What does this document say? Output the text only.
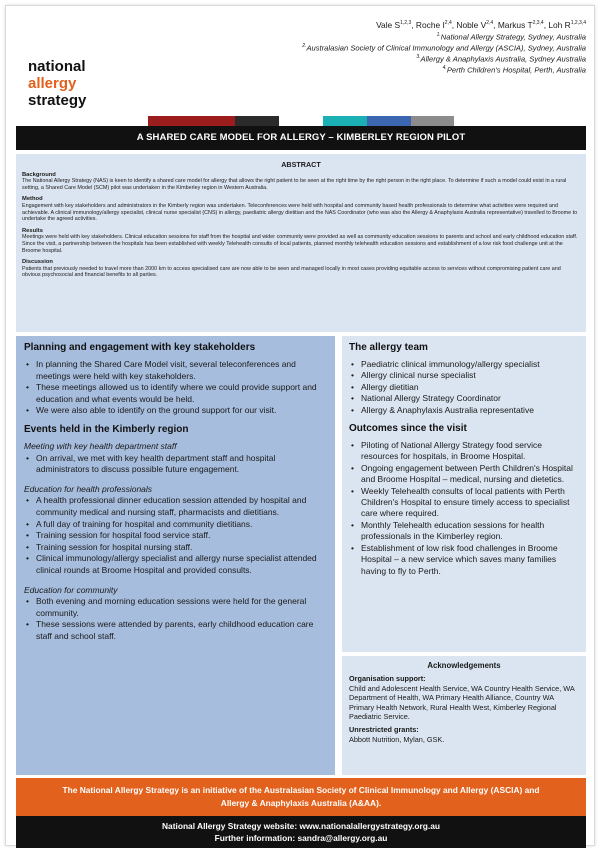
national
allergy
strategy
Vale S$^{1,2,3}$, Roche I$^{2,4}$, Noble V$^{2,4}$, Markus T$^{2,3,4}$, Loh R$^{1,2,3,4}$
$^{1.}$National Allergy Strategy, Sydney, Australia
$^{2.}$Australasian Society of Clinical Immunology and Allergy (ASCIA), Sydney, Australia
$^{3.}$Allergy & Anaphylaxis Australia, Sydney Australia
$^{4.}$Perth Children's Hospital, Perth, Australia
A SHARED CARE MODEL FOR ALLERGY – KIMBERLEY REGION PILOT
ABSTRACT
Background
The National Allergy Strategy (NAS) is keen to identify a shared care model for allergy that allows the right patient to be seen at the right time by the right person in the right place. To determine if such a model could exist in a rural setting, a Shared Care Model (SCM) pilot was undertaken in the Kimberley region in Western Australia.
Method
Engagement with key stakeholders and administrators in the Kimberly region was undertaken. Teleconferences were held with hospital and community based health professionals to determine what activities were required and achievable. A clinical immunology/allergy specialist, clinical nurse specialist (CNS) in allergy, paediatric allergy dietitian and the NAS Coordinator (who was also the Allergy & Anaphylaxis Australia representative) travelled to Broome to undertake the agreed activities.
Results
Meetings were held with key stakeholders. Clinical education sessions for staff from the hospital and wider community were provided as well as community education sessions to parents and school and early childhood education staff. Since the visit, a partnership between the hospitals has been established with weekly Telehealth consults of local patients, planned monthly telehealth education sessions and establishment of a low risk food challenge unit at the Broome hospital.
Discussion
Patients that previously needed to travel more than 2000 km to access specialised care are now able to be seen and managed locally in most cases providing equitable access to services without compromising patient care and obvious psychosocial and financial benefits to all parties.
Planning and engagement with key stakeholders
• In planning the Shared Care Model visit, several teleconferences and meetings were held with key stakeholders.
• These meetings allowed us to identify where we could provide support and education and what events would be held.
• We were also able to identify on the ground support for our visit.
Events held in the Kimberly region
Meeting with key health department staff
• On arrival, we met with key health department staff and hospital administrators to discuss possible future engagement.
Education for health professionals
• A health professional dinner education session attended by hospital and community medical and nursing staff, pharmacists and dietitians.
• A full day of training for hospital and community dietitians.
• Training session for hospital food service staff.
• Training session for hospital nursing staff.
• Clinical immunology/allergy specialist and allergy nurse specialist attended clinical rounds at Broome Hospital and provided consults.
Education for community
• Both evening and morning education sessions were held for the general community.
• These sessions were attended by parents, early childhood education care staff and school staff.
The allergy team
• Paediatric clinical immunology/allergy specialist
• Allergy clinical nurse specialist
• Allergy dietitian
• National Allergy Strategy Coordinator
• Allergy & Anaphylaxis Australia representative
Outcomes since the visit
• Piloting of National Allergy Strategy food service resources for hospitals, in Broome Hospital.
• Ongoing engagement between Perth Children's Hospital and Broome Hospital – medical, nursing and dietetics.
• Weekly Telehealth consults of local patients with Perth Children's Hospital to ensure timely access to specialist care where required.
• Monthly Telehealth education sessions for health professionals in the Kimberley region.
• Establishment of low risk food challenges in Broome Hospital – a new service which saves many families having to fly to Perth.
Acknowledgements
Organisation support:
Child and Adolescent Health Service, WA Country Health Service, WA Department of Health, WA Primary Health Alliance, Country WA Primary Health Network, Rural Health West, Kimberley Regional Paediatric Service.
Unrestricted grants:
Abbott Nutrition, Mylan, GSK.
The National Allergy Strategy is an initiative of the Australasian Society of Clinical Immunology and Allergy (ASCIA) and
Allergy & Anaphylaxis Australia (A&AA).
National Allergy Strategy website: www.nationalallergystrategy.org.au
Further information: sandra@allergy.org.au
